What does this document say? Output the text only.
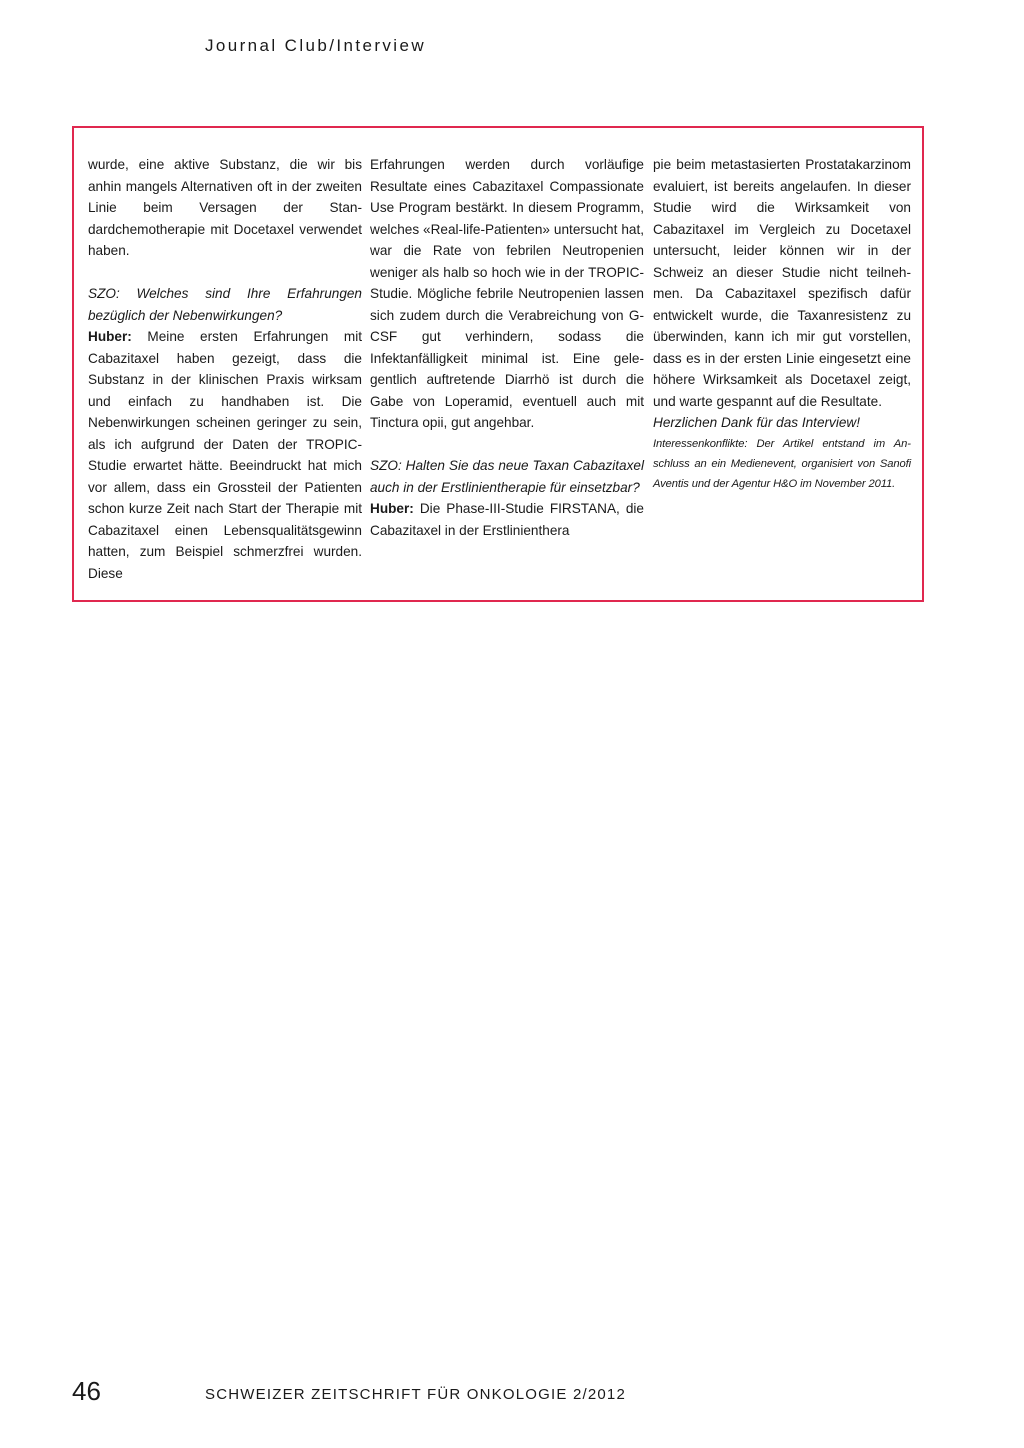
Journal Club/Interview

wurde, eine aktive Substanz, die wir bis anhin mangels Alternativen oft in der zweiten Linie beim Versagen der Standardchemotherapie mit Docetaxel verwendet haben.

SZO: Welches sind Ihre Erfahrungen bezüglich der Nebenwirkungen?

Huber: Meine ersten Erfahrungen mit Cabazitaxel haben gezeigt, dass die Substanz in der klinischen Praxis wirksam und einfach zu handhaben ist. Die Nebenwirkungen scheinen geringer zu sein, als ich aufgrund der Daten der TROPIC-Studie erwartet hätte. Beeindruckt hat mich vor allem, dass ein Grossteil der Patienten schon kurze Zeit nach Start der Therapie mit Cabazitaxel einen Lebensqualitätsgewinn hatten, zum Beispiel schmerzfrei wurden. Diese

Erfahrungen werden durch vorläufige Resultate eines Cabazitaxel Compassionate Use Program bestärkt. In diesem Programm, welches «Real-life-Patienten» untersucht hat, war die Rate von febrilen Neutropenien weniger als halb so hoch wie in der TROPIC-Studie. Mögliche febrile Neutropenien lassen sich zudem durch die Verabreichung von G-CSF gut verhindern, sodass die Infektanfälligkeit minimal ist. Eine gelegentlich auftretende Diarrhö ist durch die Gabe von Loperamid, eventuell auch mit Tinctura opii, gut angehbar.

SZO: Halten Sie das neue Taxan Cabazitaxel auch in der Erstlinientherapie für einsetzbar?

Huber: Die Phase-III-Studie FIRSTANA, die Cabazitaxel in der Erstlinienthera

pie beim metastasierten Prostatakarzinom evaluiert, ist bereits angelaufen. In dieser Studie wird die Wirksamkeit von Cabazitaxel im Vergleich zu Docetaxel untersucht, leider können wir in der Schweiz an dieser Studie nicht teilnehmen. Da Cabazitaxel spezifisch dafür entwickelt wurde, die Taxanresistenz zu überwinden, kann ich mir gut vorstellen, dass es in der ersten Linie eingesetzt eine höhere Wirksamkeit als Docetaxel zeigt, und warte gespannt auf die Resultate.

Herzlichen Dank für das Interview!

Interessenkonflikte: Der Artikel entstand im Anschluss an ein Medienevent, organisiert von Sanofi Aventis und der Agentur H&O im November 2011.

46	SCHWEIZER ZEITSCHRIFT FÜR ONKOLOGIE 2/2012
